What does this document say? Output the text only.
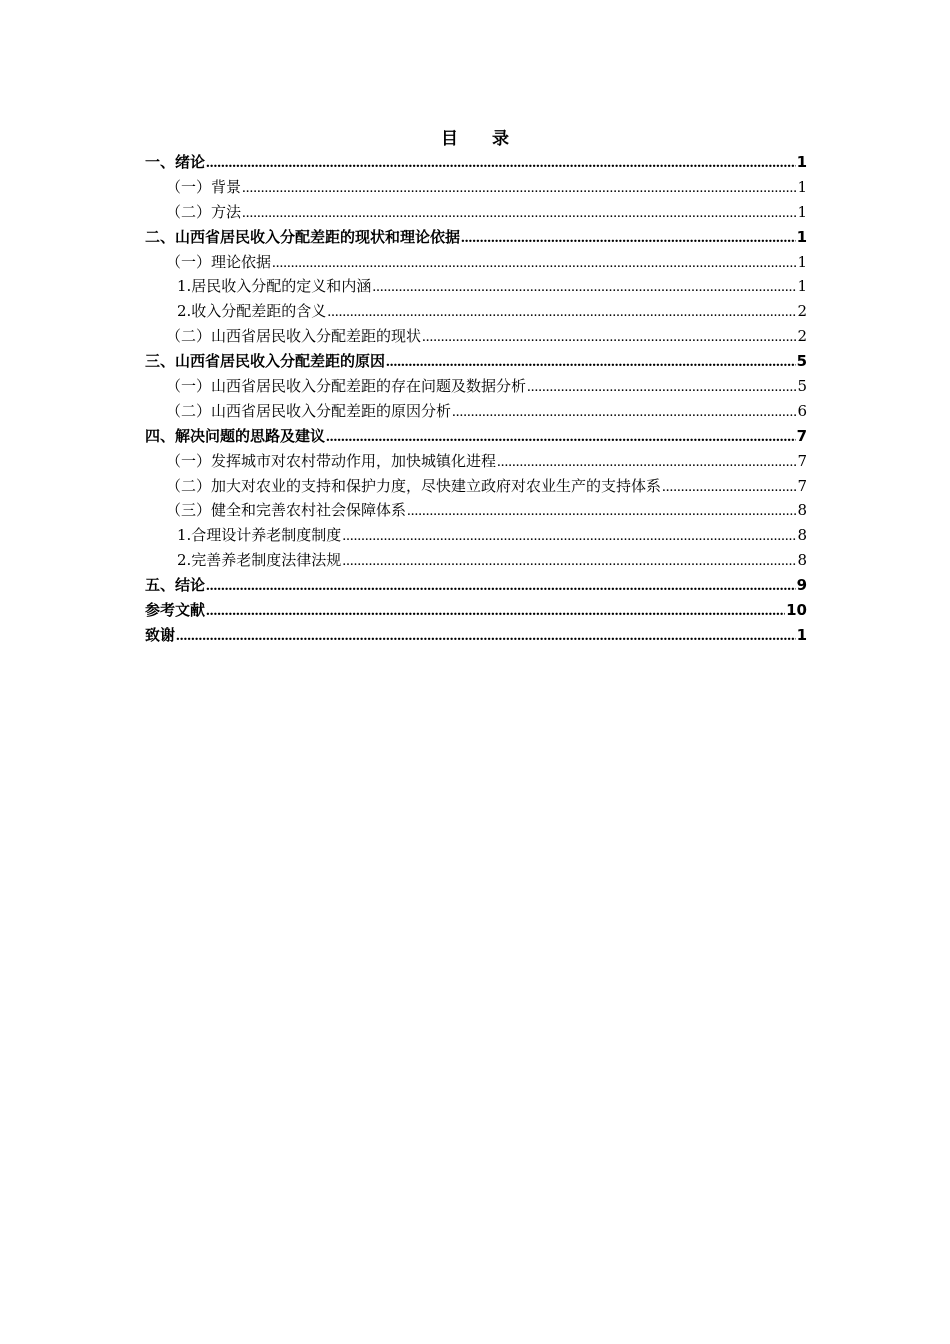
目 录
一、绪论 .....	1
（一）背景 .....	1
（二）方法 .....	1
二、山西省居民收入分配差距的现状和理论依据 .....	1
（一）理论依据 .....	1
1.居民收入分配的定义和内涵 .....	1
2.收入分配差距的含义 .....	2
（二）山西省居民收入分配差距的现状 .....	2
三、山西省居民收入分配差距的原因 .....	5
（一）山西省居民收入分配差距的存在问题及数据分析 .....	5
（二）山西省居民收入分配差距的原因分析 .....	6
四、解决问题的思路及建议 .....	7
（一）发挥城市对农村带动作用，加快城镇化进程 .....	7
（二）加大对农业的支持和保护力度，尽快建立政府对农业生产的支持体系 .....	7
（三）健全和完善农村社会保障体系 .....	8
1.合理设计养老制度制度 .....	8
2.完善养老制度法律法规 .....	8
五、结论 .....	9
参考文献 .....	10
致谢 .....	1
